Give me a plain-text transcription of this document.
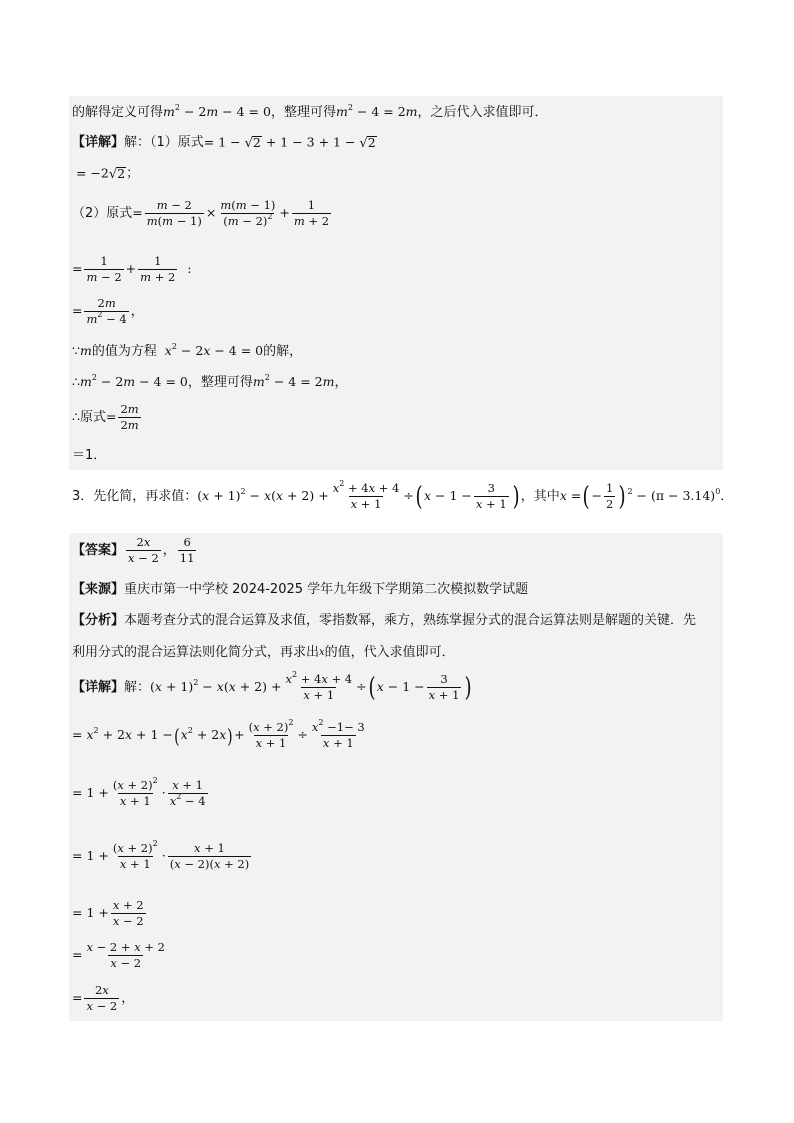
的解得定义可得 $m^2 - 2m - 4 = 0$ ，整理可得 $m^2 - 4 = 2m$ ，之后代入求值即可．
【详解】 解：（1）原式 = 1 − √ 2 + 1 − 3 + 1 − √ 2
= −2 √ 2 ；
（2）原式 = $\frac{m - 2}{m(m - 1)} \times \frac{m(m - 1)}{(m - 2)^2} + \frac{1}{m + 2}$
= $\frac{1}{m - 2} + \frac{1}{m + 2}$ :
= $\frac{2m}{m^2 - 4}$ ，
∵m 的值为方程 $x^2 - 2x - 4 = 0$ 的解，
$\therefore m^2 - 2m - 4 = 0$ ，整理可得 $m^2 - 4 = 2m$ ，
∴ 原式 = $\frac{2m}{2m}$
＝1．
3．先化简，再求值： $(x + 1)^2 - x(x + 2) + \frac{x^2 + 4x + 4}{x + 1}$ ÷ ( $x - 1 - \frac{3}{x + 1}$ ) ，其中 x = ( − $\frac{1}{2}$ ) $^2 - (\pi - 3.14)^0$ ．
【答案】 $\frac{2x}{x - 2}$ ， $\frac{6}{11}$
【来源】 重庆市第一中学校 2024-2025 学年九年级下学期第二次模拟数学试题
【分析】 本题考查分式的混合运算及求值，零指数幂，乘方，熟练掌握分式的混合运算法则是解题的关键．先
利用分式的混合运算法则化简分式，再求出 x 的值，代入求值即可．
【详解】 解： $(x + 1)^2 - x(x + 2) + \frac{x^2 + 4x + 4}{x + 1}$ ÷ ( $x - 1 - \frac{3}{x + 1}$ )
= $x^2 + 2x + 1$ − ( $x^2 + 2x$ ) + $\frac{(x + 2)^2}{x + 1} \div \frac{x^2 -1- 3}{x + 1}$
= $1 + \frac{(x + 2)^2}{x + 1} \cdot \frac{x + 1}{x^2 - 4}$
= $1 + \frac{(x + 2)^2}{x + 1} \cdot \frac{x + 1}{(x - 2)(x + 2)}$
= $1 + \frac{x + 2}{x - 2}$
= $\frac{x - 2 + x + 2}{x - 2}$
= $\frac{2x}{x - 2}$ ，
